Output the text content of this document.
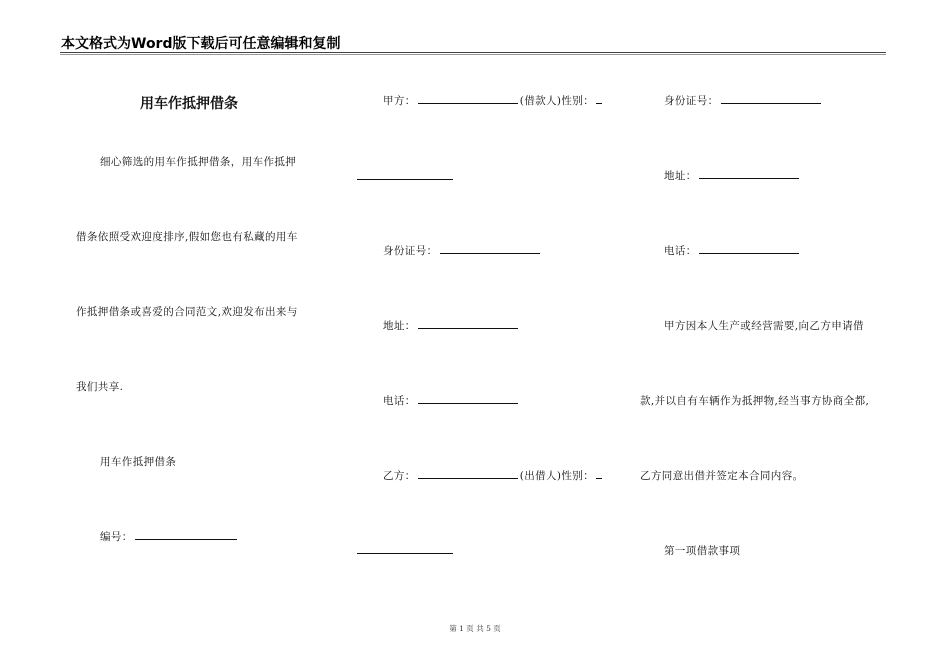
本文格式为Word版下载后可任意编辑和复制
用车作抵押借条
细心筛选的用车作抵押借条，用车作抵押
借条依照受欢迎度排序,假如您也有私藏的用车
作抵押借条或喜爱的合同范文,欢迎发布出来与
我们共享.
用车作抵押借条
编号：
甲方：	(借款人)性别：
身份证号：
地址：
电话：
乙方：	(出借人)性别：
身份证号：
地址：
电话：
甲方因本人生产或经营需要,向乙方申请借
款,并以自有车辆作为抵押物,经当事方协商全都,
乙方同意出借并签定本合同内容。
第一项借款事项
第 1 页 共 5 页
